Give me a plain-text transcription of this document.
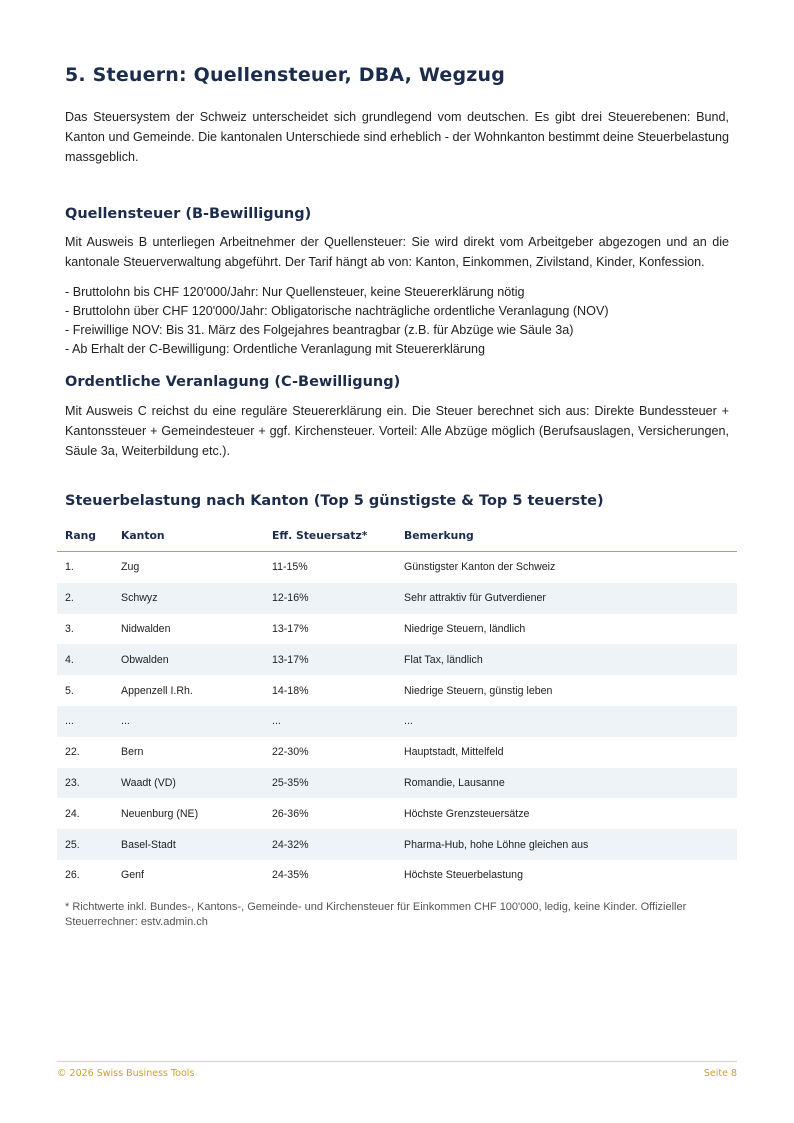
5. Steuern: Quellensteuer, DBA, Wegzug

Das Steuersystem der Schweiz unterscheidet sich grundlegend vom deutschen. Es gibt drei Steuerebenen: Bund, Kanton und Gemeinde. Die kantonalen Unterschiede sind erheblich - der Wohnkanton bestimmt deine Steuerbelastung massgeblich.

Quellensteuer (B-Bewilligung)

Mit Ausweis B unterliegen Arbeitnehmer der Quellensteuer: Sie wird direkt vom Arbeitgeber abgezogen und an die kantonale Steuerverwaltung abgeführt. Der Tarif hängt ab von: Kanton, Einkommen, Zivilstand, Kinder, Konfession.

- Bruttolohn bis CHF 120'000/Jahr: Nur Quellensteuer, keine Steuererklärung nötig
- Bruttolohn über CHF 120'000/Jahr: Obligatorische nachträgliche ordentliche Veranlagung (NOV)
- Freiwillige NOV: Bis 31. März des Folgejahres beantragbar (z.B. für Abzüge wie Säule 3a)
- Ab Erhalt der C-Bewilligung: Ordentliche Veranlagung mit Steuererklärung
Ordentliche Veranlagung (C-Bewilligung)

Mit Ausweis C reichst du eine reguläre Steuererklärung ein. Die Steuer berechnet sich aus: Direkte Bundessteuer + Kantonssteuer + Gemeindesteuer + ggf. Kirchensteuer. Vorteil: Alle Abzüge möglich (Berufsauslagen, Versicherungen, Säule 3a, Weiterbildung etc.).

Steuerbelastung nach Kanton (Top 5 günstigste & Top 5 teuerste)
Rang	Kanton	Eff. Steuersatz*	Bemerkung
1.	Zug	11-15%	Günstigster Kanton der Schweiz
2.	Schwyz	12-16%	Sehr attraktiv für Gutverdiener
3.	Nidwalden	13-17%	Niedrige Steuern, ländlich
4.	Obwalden	13-17%	Flat Tax, ländlich
5.	Appenzell I.Rh.	14-18%	Niedrige Steuern, günstig leben
...	...	...	...
22.	Bern	22-30%	Hauptstadt, Mittelfeld
23.	Waadt (VD)	25-35%	Romandie, Lausanne
24.	Neuenburg (NE)	26-36%	Höchste Grenzsteuersätze
25.	Basel-Stadt	24-32%	Pharma-Hub, hohe Löhne gleichen aus
26.	Genf	24-35%	Höchste Steuerbelastung

* Richtwerte inkl. Bundes-, Kantons-, Gemeinde- und Kirchensteuer für Einkommen CHF 100'000, ledig, keine Kinder. Offizieller Steuerrechner: estv.admin.ch

© 2026 Swiss Business Tools	Seite 8
